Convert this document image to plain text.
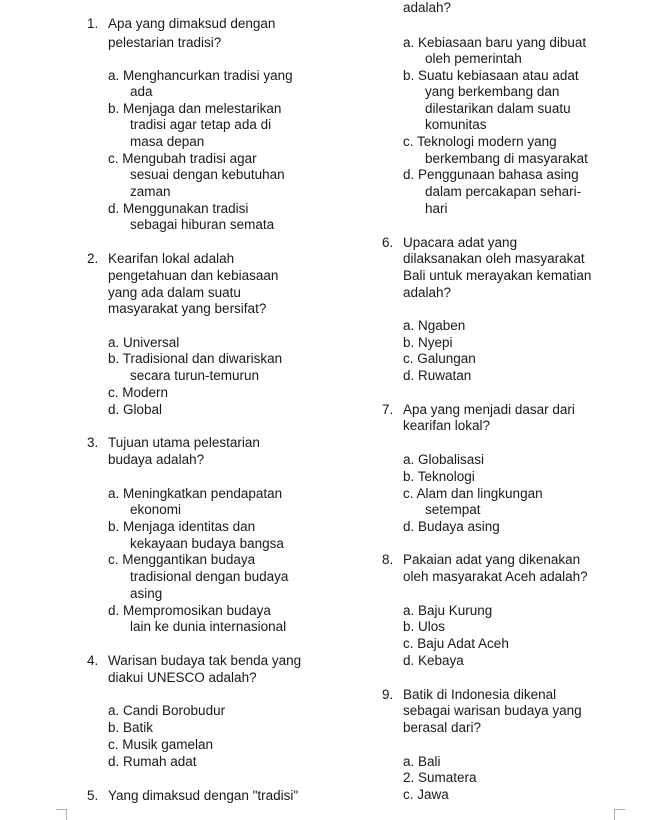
1. Apa yang dimaksud dengan
pelestarian tradisi?
a. Menghancurkan tradisi yang
ada
b. Menjaga dan melestarikan
tradisi agar tetap ada di
masa depan
c. Mengubah tradisi agar
sesuai dengan kebutuhan
zaman
d. Menggunakan tradisi
sebagai hiburan semata
2. Kearifan lokal adalah
pengetahuan dan kebiasaan
yang ada dalam suatu
masyarakat yang bersifat?
a. Universal
b. Tradisional dan diwariskan
secara turun-temurun
c. Modern
d. Global
3. Tujuan utama pelestarian
budaya adalah?
a. Meningkatkan pendapatan
ekonomi
b. Menjaga identitas dan
kekayaan budaya bangsa
c. Menggantikan budaya
tradisional dengan budaya
asing
d. Mempromosikan budaya
lain ke dunia internasional
4. Warisan budaya tak benda yang
diakui UNESCO adalah?
a. Candi Borobudur
b. Batik
c. Musik gamelan
d. Rumah adat
5. Yang dimaksud dengan "tradisi"
adalah?
a. Kebiasaan baru yang dibuat
oleh pemerintah
b. Suatu kebiasaan atau adat
yang berkembang dan
dilestarikan dalam suatu
komunitas
c. Teknologi modern yang
berkembang di masyarakat
d. Penggunaan bahasa asing
dalam percakapan sehari-
hari
6. Upacara adat yang
dilaksanakan oleh masyarakat
Bali untuk merayakan kematian
adalah?
a. Ngaben
b. Nyepi
c. Galungan
d. Ruwatan
7. Apa yang menjadi dasar dari
kearifan lokal?
a. Globalisasi
b. Teknologi
c. Alam dan lingkungan
setempat
d. Budaya asing
8. Pakaian adat yang dikenakan
oleh masyarakat Aceh adalah?
a. Baju Kurung
b. Ulos
c. Baju Adat Aceh
d. Kebaya
9. Batik di Indonesia dikenal
sebagai warisan budaya yang
berasal dari?
a. Bali
2. Sumatera
c. Jawa
